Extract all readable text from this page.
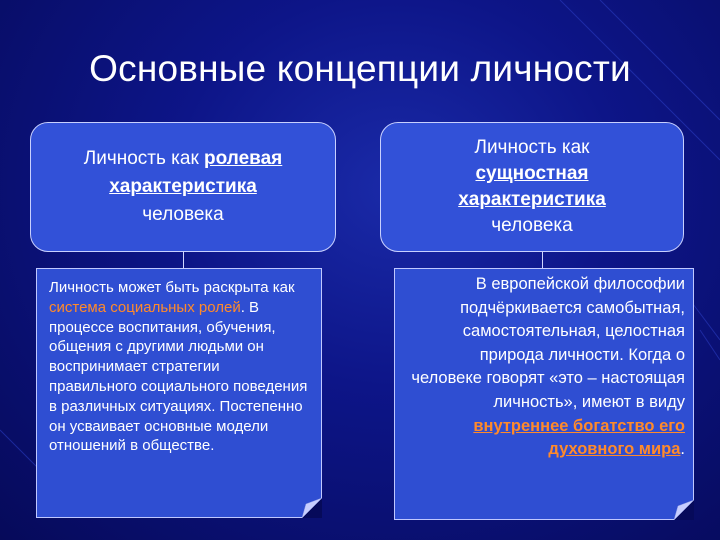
Основные концепции личности
Личность как ролевая
характеристика
человека
Личность как
сущностная
характеристика
человека
Личность может быть раскрыта как система социальных ролей. В процессе воспитания, обучения, общения с другими людьми он воспринимает стратегии правильного социального поведения в различных ситуациях. Постепенно он усваивает основные модели отношений в обществе.
В европейской философии подчёркивается самобытная, самостоятельная, целостная природа личности. Когда о человеке говорят «это – настоящая личность», имеют в виду внутреннее богатство его духовного мира.
